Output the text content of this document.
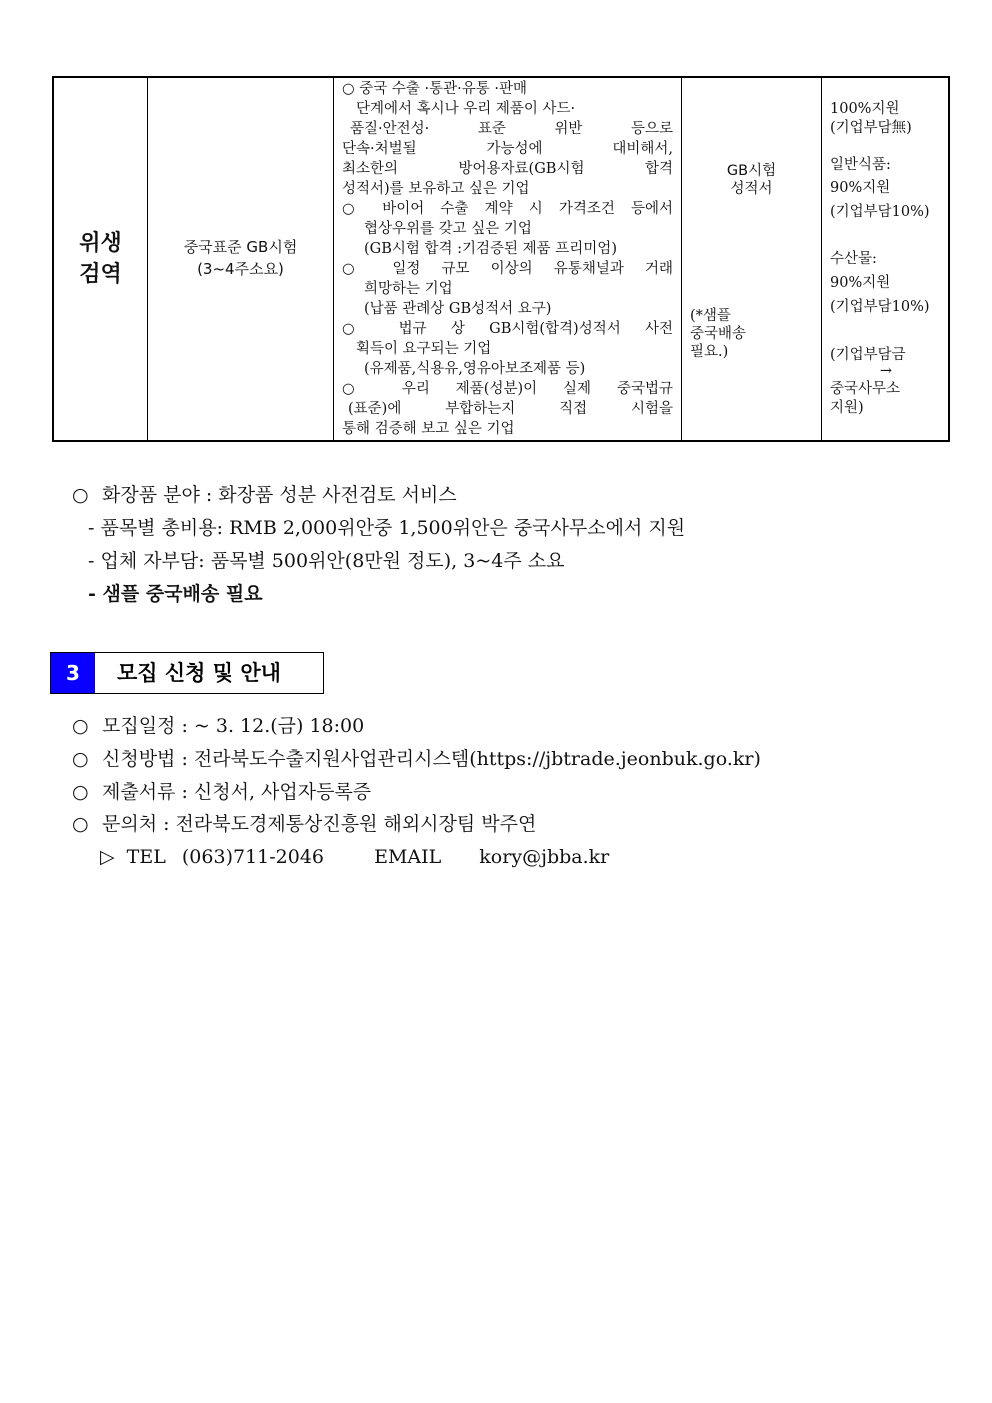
위생
검역
중국표준 GB시험
(3~4주소요)
○ 중국 수출 ·통관·유통 ·판매
단계에서 혹시나 우리 제품이 사드·
품질·안전성· 표준 위반 등으로
단속·처벌될 가능성에 대비해서,
최소한의 방어용자료(GB시험 합격
성적서)를 보유하고 싶은 기업
○ 바이어 수출 계약 시 가격조건 등에서
협상우위를 갖고 싶은 기업
(GB시험 합격 :기검증된 제품 프리미엄)
○ 일정 규모 이상의 유통채널과 거래
희망하는 기업
(납품 관례상 GB성적서 요구)
○ 법규 상 GB시험(합격)성적서 사전
획득이 요구되는 기업
(유제품,식용유,영유아보조제품 등)
○ 우리 제품(성분)이 실제 중국법규
(표준)에 부합하는지 직접 시험을
통해 검증해 보고 싶은 기업
GB시험
성적서
(*샘플
중국배송
필요.)
100%지원
(기업부담無)
일반식품:
90%지원
(기업부담10%)
수산물:
90%지원
(기업부담10%)
(기업부담금
→
중국사무소
지원)
○ 화장품 분야 : 화장품 성분 사전검토 서비스
- 품목별 총비용: RMB 2,000위안중 1,500위안은 중국사무소에서 지원
- 업체 자부담: 품목별 500위안(8만원 정도), 3~4주 소요
- 샘플 중국배송 필요
3	모집 신청 및 안내
○ 모집일정 : ~ 3. 12.(금) 18:00
○ 신청방법 : 전라북도수출지원사업관리시스템(https://jbtrade.jeonbuk.go.kr)
○ 제출서류 : 신청서, 사업자등록증
○ 문의처 : 전라북도경제통상진흥원 해외시장팀 박주연
▷ TEL (063)711-2046	EMAIL kory@jbba.kr
